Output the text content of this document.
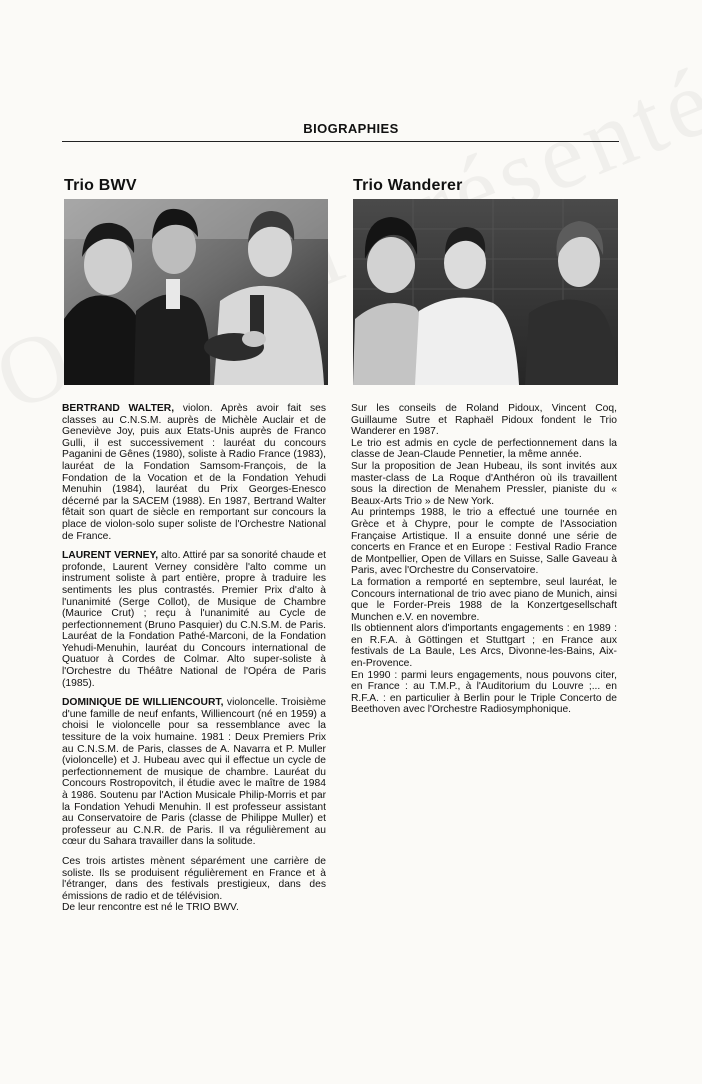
BIOGRAPHIES
Trio BWV	Trio Wanderer

BERTRAND WALTER, violon. Après avoir fait ses classes au C.N.S.M. auprès de Michèle Auclair et de Geneviève Joy, puis aux Etats-Unis auprès de Franco Gulli, il est successivement : lauréat du concours Paganini de Gênes (1980), soliste à Radio France (1983), lauréat de la Fondation Samsom-François, de la Fondation de la Vocation et de la Fondation Yehudi Menuhin (1984), lauréat du Prix Georges-Enesco décerné par la SACEM (1988). En 1987, Bertrand Walter fêtait son quart de siècle en remportant sur concours la place de violon-solo super soliste de l'Orchestre National de France.

LAURENT VERNEY, alto. Attiré par sa sonorité chaude et profonde, Laurent Verney considère l'alto comme un instrument soliste à part entière, propre à traduire les sentiments les plus contrastés. Premier Prix d'alto à l'unanimité (Serge Collot), de Musique de Chambre (Maurice Crut) ; reçu à l'unanimité au Cycle de perfectionnement (Bruno Pasquier) du C.N.S.M. de Paris. Lauréat de la Fondation Pathé-Marconi, de la Fondation Yehudi-Menuhin, lauréat du Concours international de Quatuor à Cordes de Colmar. Alto super-soliste à l'Orchestre du Théâtre National de l'Opéra de Paris (1985).

DOMINIQUE DE WILLIENCOURT, violoncelle. Troisième d'une famille de neuf enfants, Williencourt (né en 1959) a choisi le violoncelle pour sa ressemblance avec la tessiture de la voix humaine. 1981 : Deux Premiers Prix au C.N.S.M. de Paris, classes de A. Navarra et P. Muller (violoncelle) et J. Hubeau avec qui il effectue un cycle de perfectionnement de musique de chambre. Lauréat du Concours Rostropovitch, il étudie avec le maître de 1984 à 1986. Soutenu par l'Action Musicale Philip-Morris et par la Fondation Yehudi Menuhin. Il est professeur assistant au Conservatoire de Paris (classe de Philippe Muller) et professeur au C.N.R. de Paris. Il va régulièrement au cœur du Sahara travailler dans la solitude.

Ces trois artistes mènent séparément une carrière de soliste. Ils se produisent régulièrement en France et à l'étranger, dans des festivals prestigieux, dans des émissions de radio et de télévision.

De leur rencontre est né le TRIO BWV.

Sur les conseils de Roland Pidoux, Vincent Coq, Guillaume Sutre et Raphaël Pidoux fondent le Trio Wanderer en 1987.

Le trio est admis en cycle de perfectionnement dans la classe de Jean-Claude Pennetier, la même année.

Sur la proposition de Jean Hubeau, ils sont invités aux master-class de La Roque d'Anthéron où ils travaillent sous la direction de Menahem Pressler, pianiste du « Beaux-Arts Trio » de New York.

Au printemps 1988, le trio a effectué une tournée en Grèce et à Chypre, pour le compte de l'Association Française Artistique. Il a ensuite donné une série de concerts en France et en Europe : Festival Radio France de Montpellier, Open de Villars en Suisse, Salle Gaveau à Paris, avec l'Orchestre du Conservatoire.

La formation a remporté en septembre, seul lauréat, le Concours international de trio avec piano de Munich, ainsi que le Forder-Preis 1988 de la Konzertgesellschaft Munchen e.V. en novembre.

Ils obtiennent alors d'importants engagements : en 1989 : en R.F.A. à Göttingen et Stuttgart ; en France aux festivals de La Baule, Les Arcs, Divonne-les-Bains, Aix-en-Provence.

En 1990 : parmi leurs engagements, nous pouvons citer, en France : au T.M.P., à l'Auditorium du Louvre ;... en R.F.A. : en particulier à Berlin pour le Triple Concerto de Beethoven avec l'Orchestre Radiosymphonique.
